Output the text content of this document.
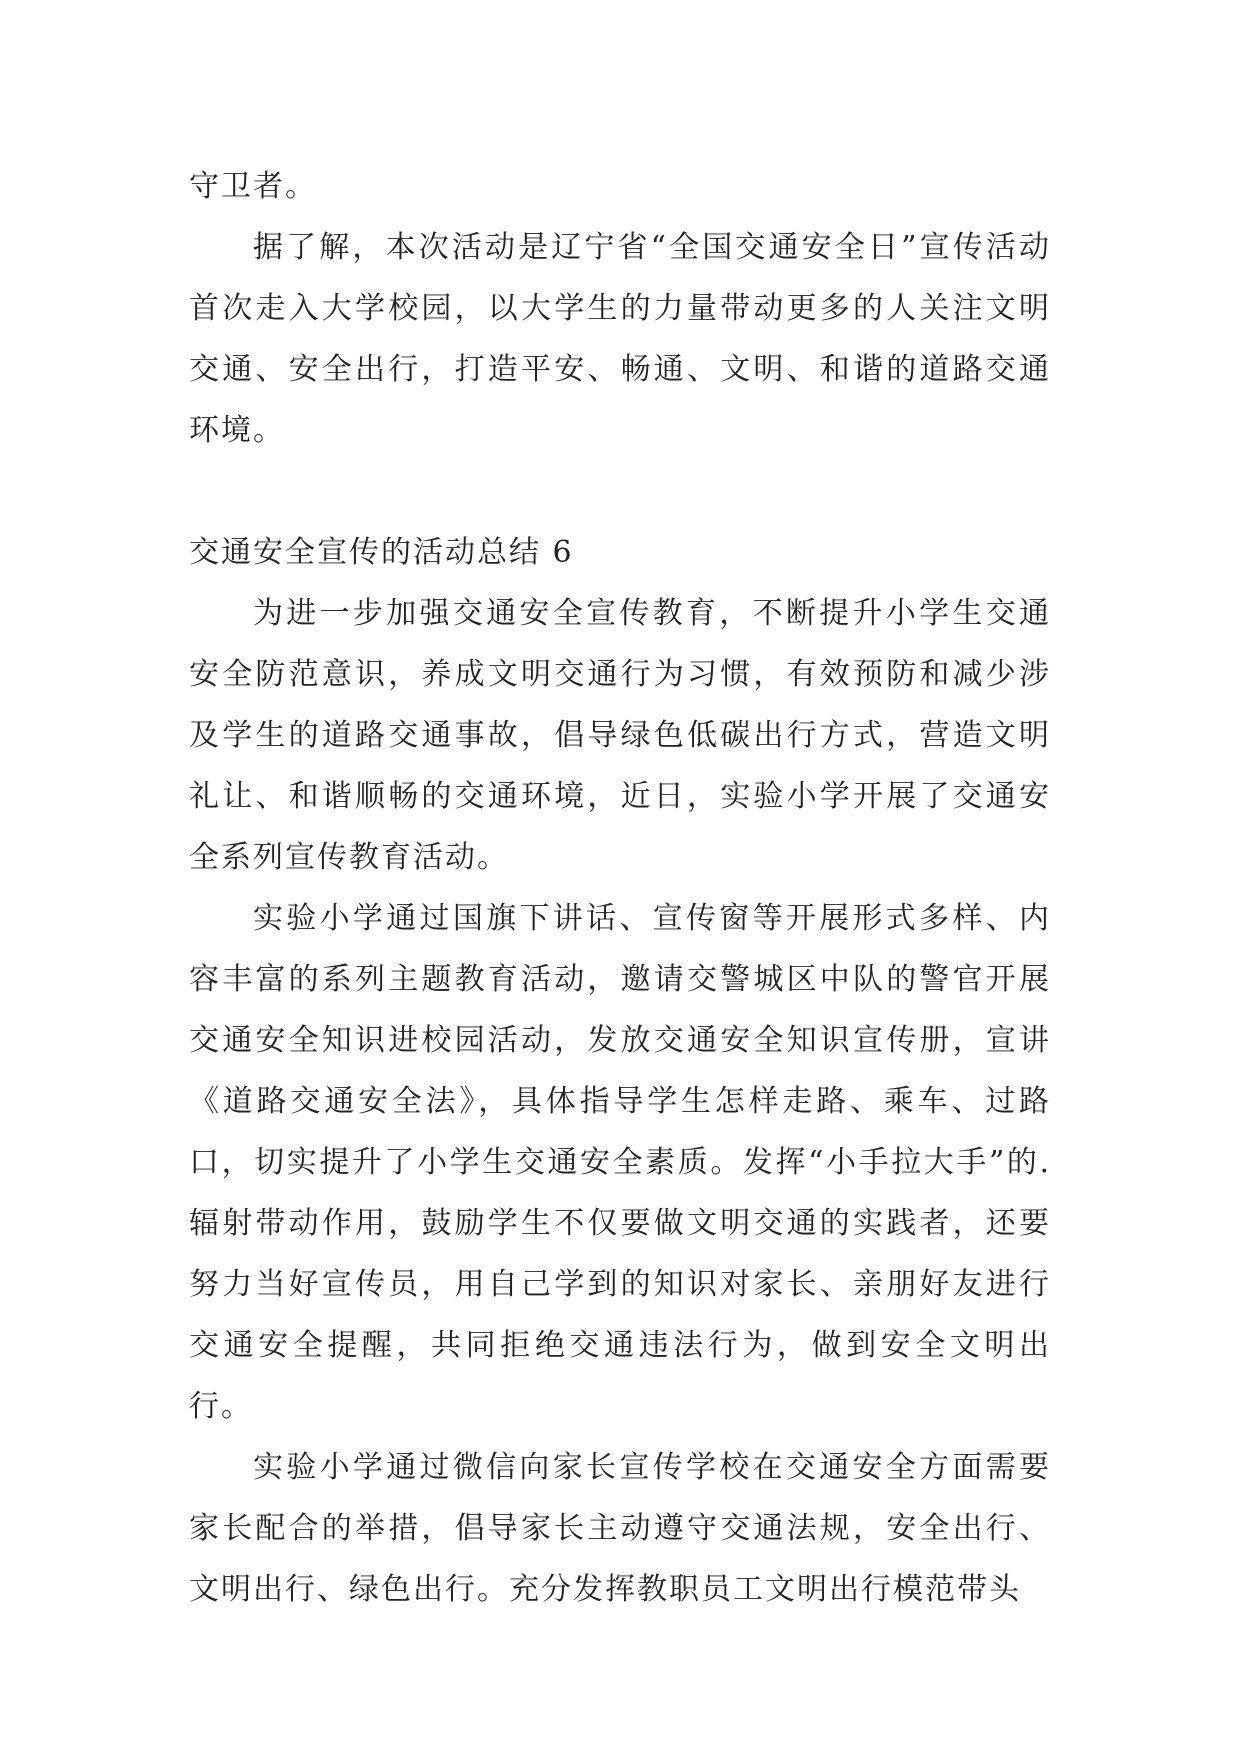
守卫者。

据了解，本次活动是辽宁省“全国交通安全日”宣传活动首次走入大学校园，以大学生的力量带动更多的人关注文明交通、安全出行，打造平安、畅通、文明、和谐的道路交通环境。

交通安全宣传的活动总结 6

为进一步加强交通安全宣传教育，不断提升小学生交通安全防范意识，养成文明交通行为习惯，有效预防和减少涉及学生的道路交通事故，倡导绿色低碳出行方式，营造文明礼让、和谐顺畅的交通环境，近日，实验小学开展了交通安全系列宣传教育活动。

实验小学通过国旗下讲话、宣传窗等开展形式多样、内容丰富的系列主题教育活动，邀请交警城区中队的警官开展交通安全知识进校园活动，发放交通安全知识宣传册，宣讲《道路交通安全法》，具体指导学生怎样走路、乘车、过路口，切实提升了小学生交通安全素质。发挥“小手拉大手”的.辐射带动作用，鼓励学生不仅要做文明交通的实践者，还要努力当好宣传员，用自己学到的知识对家长、亲朋好友进行交通安全提醒，共同拒绝交通违法行为，做到安全文明出行。

实验小学通过微信向家长宣传学校在交通安全方面需要家长配合的举措，倡导家长主动遵守交通法规，安全出行、文明出行、绿色出行。充分发挥教职员工文明出行模范带头
